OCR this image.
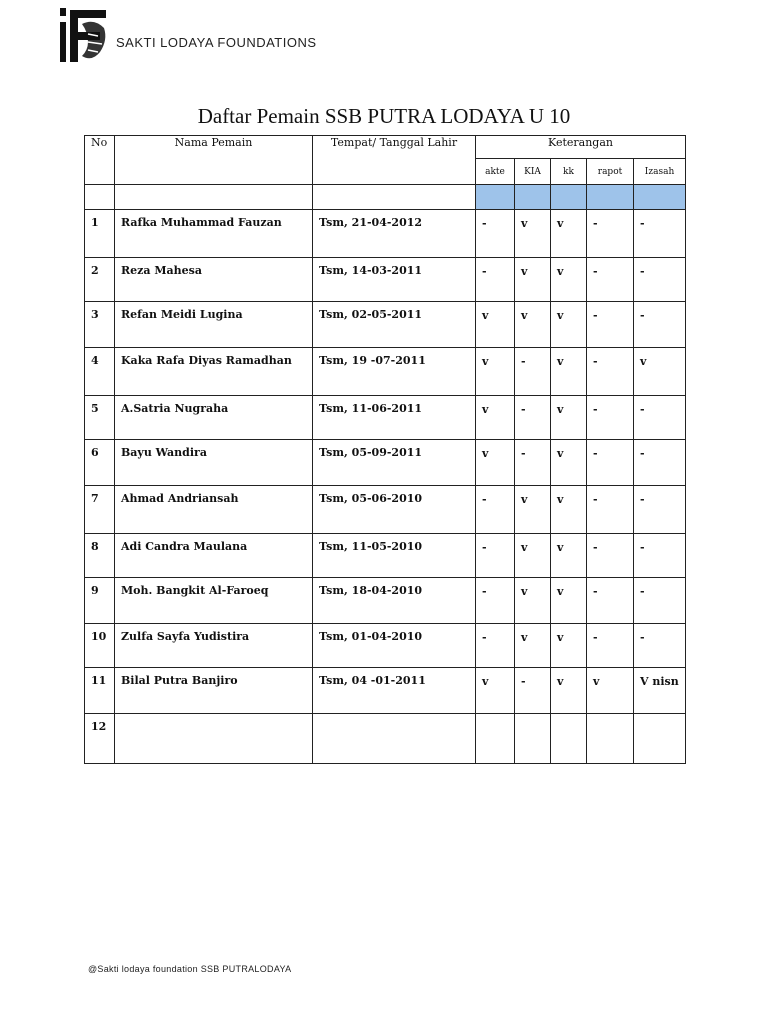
SAKTI LODAYA FOUNDATIONS
Daftar Pemain SSB PUTRA LODAYA U 10
No	Nama Pemain	Tempat/ Tanggal Lahir	Keterangan				
			akte	KIA	kk	rapot	Izasah

1	Rafka Muhammad Fauzan	Tsm, 21-04-2012	-	v	v	-	-
2	Reza Mahesa	Tsm, 14-03-2011	-	v	v	-	-
3	Refan Meidi Lugina	Tsm, 02-05-2011	v	v	v	-	-
4	Kaka Rafa Diyas Ramadhan	Tsm, 19 -07-2011	v	-	v	-	v
5	A.Satria Nugraha	Tsm, 11-06-2011	v	-	v	-	-
6	Bayu Wandira	Tsm, 05-09-2011	v	-	v	-	-
7	Ahmad Andriansah	Tsm, 05-06-2010	-	v	v	-	-
8	Adi Candra Maulana	Tsm, 11-05-2010	-	v	v	-	-
9	Moh. Bangkit Al-Faroeq	Tsm, 18-04-2010	-	v	v	-	-
10	Zulfa Sayfa Yudistira	Tsm, 01-04-2010	-	v	v	-	-
11	Bilal Putra Banjiro	Tsm, 04 -01-2011	v	-	v	v	V nisn
12							
@Sakti lodaya foundation SSB PUTRALODAYA
